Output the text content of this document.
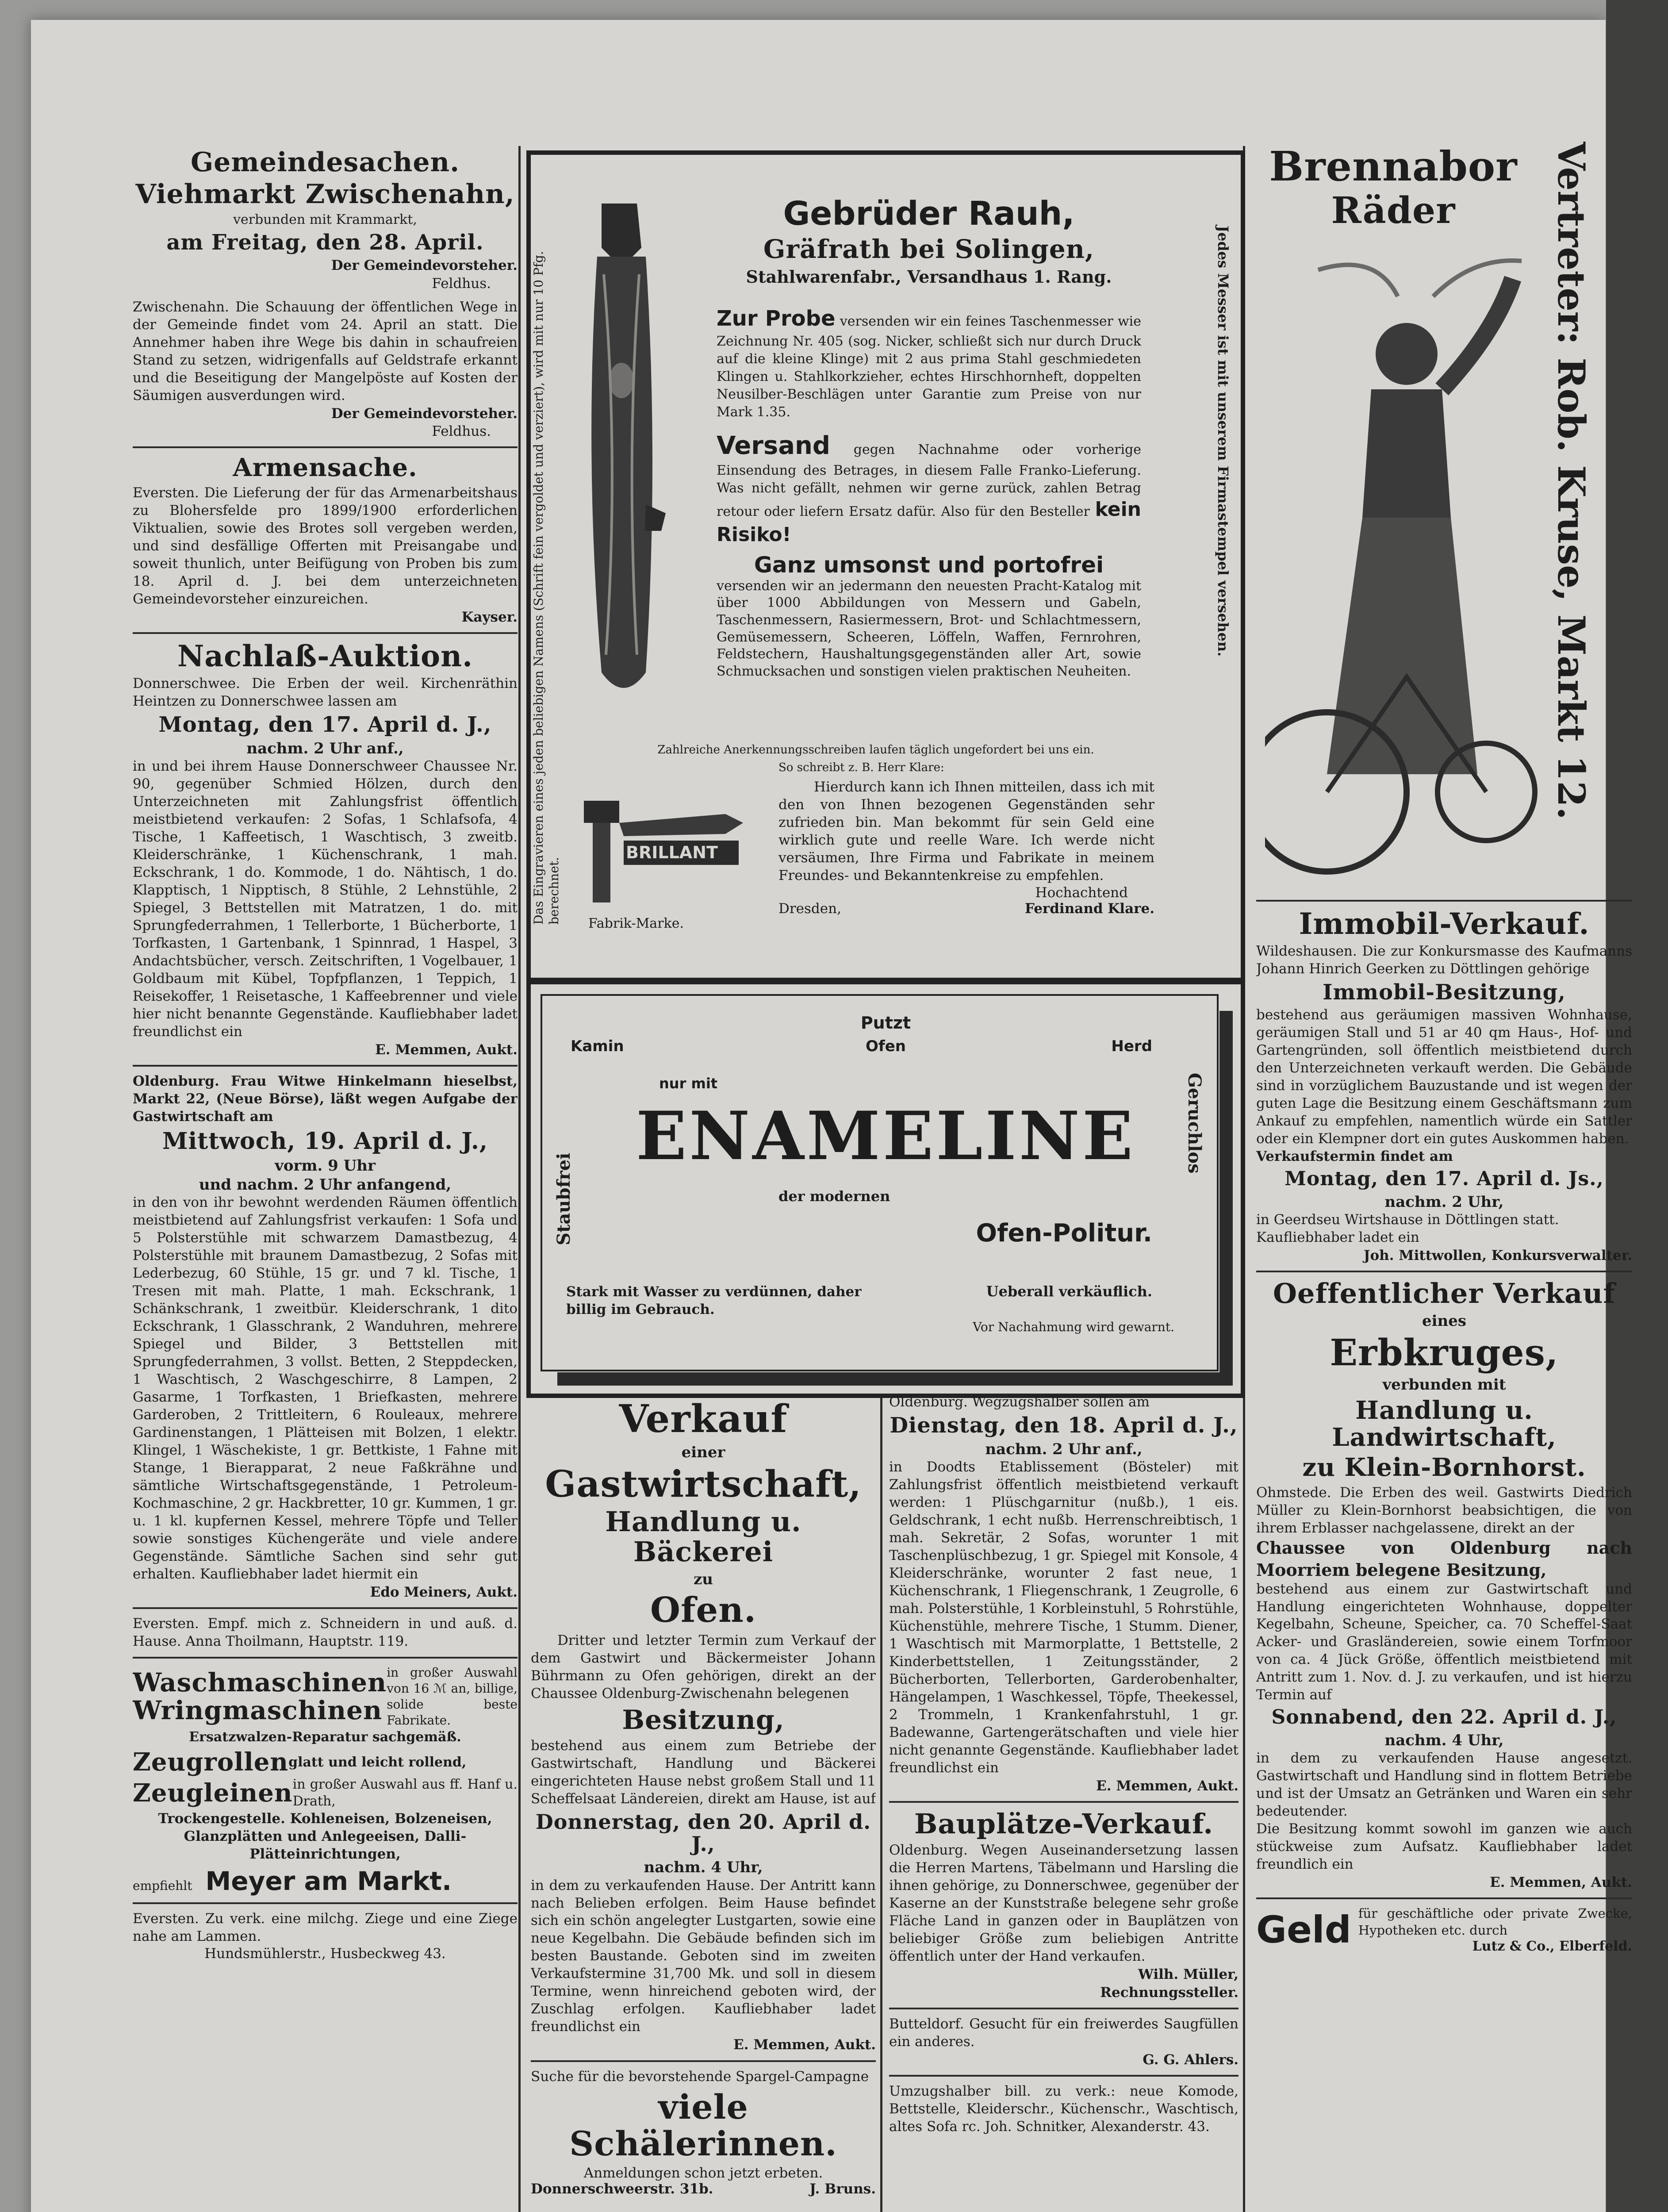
Gemeindesachen.
Viehmarkt Zwischenahn,
verbunden mit Krammarkt,
am Freitag, den 28. April.
Der Gemeindevorsteher.
Feldhus.

Zwischenahn. Die Schauung der öffentlichen Wege in der Gemeinde findet vom 24. April an statt. Die Annehmer haben ihre Wege bis dahin in schaufreien Stand zu setzen, widrigenfalls auf Geldstrafe erkannt und die Beseitigung der Mangelpöste auf Kosten der Säumigen ausverdungen wird.

Der Gemeindevorsteher.
Feldhus.
Armensache.

Eversten. Die Lieferung der für das Armenarbeitshaus zu Blohersfelde pro 1899/1900 erforderlichen Viktualien, sowie des Brotes soll vergeben werden, und sind desfällige Offerten mit Preisangabe und soweit thunlich, unter Beifügung von Proben bis zum 18. April d. J. bei dem unterzeichneten Gemeindevorsteher einzureichen.

Kayser.
Nachlaß-Auktion.

Donnerschwee. Die Erben der weil. Kirchenräthin Heintzen zu Donnerschwee lassen am

Montag, den 17. April d. J.,
nachm. 2 Uhr anf.,

in und bei ihrem Hause Donnerschweer Chaussee Nr. 90, gegenüber Schmied Hölzen, durch den Unterzeichneten mit Zahlungsfrist öffentlich meistbietend verkaufen: 2 Sofas, 1 Schlafsofa, 4 Tische, 1 Kaffeetisch, 1 Waschtisch, 3 zweitb. Kleiderschränke, 1 Küchenschrank, 1 mah. Eckschrank, 1 do. Kommode, 1 do. Nähtisch, 1 do. Klapptisch, 1 Nipptisch, 8 Stühle, 2 Lehnstühle, 2 Spiegel, 3 Bettstellen mit Matratzen, 1 do. mit Sprungfederrahmen, 1 Tellerborte, 1 Bücherborte, 1 Torfkasten, 1 Gartenbank, 1 Spinnrad, 1 Haspel, 3 Andachtsbücher, versch. Zeitschriften, 1 Vogelbauer, 1 Goldbaum mit Kübel, Topfpflanzen, 1 Teppich, 1 Reisekoffer, 1 Reisetasche, 1 Kaffeebrenner und viele hier nicht benannte Gegenstände. Kaufliebhaber ladet freundlichst ein

E. Memmen, Aukt.

Oldenburg. Frau Witwe Hinkelmann hieselbst, Markt 22, (Neue Börse), läßt wegen Aufgabe der Gastwirtschaft am

Mittwoch, 19. April d. J.,
vorm. 9 Uhr
und nachm. 2 Uhr anfangend,

in den von ihr bewohnt werdenden Räumen öffentlich meistbietend auf Zahlungsfrist verkaufen: 1 Sofa und 5 Polsterstühle mit schwarzem Damastbezug, 4 Polsterstühle mit braunem Damastbezug, 2 Sofas mit Lederbezug, 60 Stühle, 15 gr. und 7 kl. Tische, 1 Tresen mit mah. Platte, 1 mah. Eckschrank, 1 Schänkschrank, 1 zweitbür. Kleiderschrank, 1 dito Eckschrank, 1 Glasschrank, 2 Wanduhren, mehrere Spiegel und Bilder, 3 Bettstellen mit Sprungfederrahmen, 3 vollst. Betten, 2 Steppdecken, 1 Waschtisch, 2 Waschgeschirre, 8 Lampen, 2 Gasarme, 1 Torfkasten, 1 Briefkasten, mehrere Garderoben, 2 Trittleitern, 6 Rouleaux, mehrere Gardinenstangen, 1 Plätteisen mit Bolzen, 1 elektr. Klingel, 1 Wäschekiste, 1 gr. Bettkiste, 1 Fahne mit Stange, 1 Bierapparat, 2 neue Faßkrähne und sämtliche Wirtschaftsgegenstände, 1 Petroleum-Kochmaschine, 2 gr. Hackbretter, 10 gr. Kummen, 1 gr. u. 1 kl. kupfernen Kessel, mehrere Töpfe und Teller sowie sonstiges Küchengeräte und viele andere Gegenstände. Sämtliche Sachen sind sehr gut erhalten. Kaufliebhaber ladet hiermit ein

Edo Meiners, Aukt.

Eversten. Empf. mich z. Schneidern in und auß. d. Hause. Anna Thoilmann, Hauptstr. 119.

Waschmaschinen
Wringmaschinen

in großer Auswahl von 16 ℳ an, billige, solide beste Fabrikate.

Ersatzwalzen-Reparatur sachgemäß.
Zeugrollen glatt und leicht rollend,

Zeugleinen in großer Auswahl aus ff. Hanf u. Drath,

Trockengestelle. Kohleneisen, Bolzeneisen, Glanzplätten und Anlegeeisen, Dalli-Plätteinrichtungen,

empfiehlt Meyer am Markt.

Eversten. Zu verk. eine milchg. Ziege und eine Ziege nahe am Lammen.

Hundsmühlerstr., Husbeckweg 43.
Das Eingravieren eines jeden beliebigen Namens (Schrift fein vergoldet und verziert), wird mit nur 10 Pfg. berechnet.
Jedes Messer ist mit unserem Firmastempel versehen.
Gebrüder Rauh,
Gräfrath bei Solingen,
Stahlwarenfabr., Versandhaus 1. Rang.

Zur Probe versenden wir ein feines Taschenmesser wie Zeichnung Nr. 405 (sog. Nicker, schließt sich nur durch Druck auf die kleine Klinge) mit 2 aus prima Stahl geschmiedeten Klingen u. Stahlkorkzieher, echtes Hirschhornheft, doppelten Neusilber-Beschlägen unter Garantie zum Preise von nur Mark 1.35.

Versand gegen Nachnahme oder vorherige Einsendung des Betrages, in diesem Falle Franko-Lieferung. Was nicht gefällt, nehmen wir gerne zurück, zahlen Betrag retour oder liefern Ersatz dafür. Also für den Besteller kein Risiko!

Ganz umsonst und portofrei

versenden wir an jedermann den neuesten Pracht-Katalog mit über 1000 Abbildungen von Messern und Gabeln, Taschenmessern, Rasiermessern, Brot- und Schlachtmessern, Gemüsemessern, Scheeren, Löffeln, Waffen, Fernrohren, Feldstechern, Haushaltungsgegenständen aller Art, sowie Schmucksachen und sonstigen vielen praktischen Neuheiten.

Zahlreiche Anerkennungsschreiben laufen täglich ungefordert bei uns ein.
So schreibt z. B. Herr Klare:
BRILLANT
Fabrik-Marke.

Hierdurch kann ich Ihnen mitteilen, dass ich mit den von Ihnen bezogenen Gegenständen sehr zufrieden bin. Man bekommt für sein Geld eine wirklich gute und reelle Ware. Ich werde nicht versäumen, Ihre Firma und Fabrikate in meinem Freundes- und Bekanntenkreise zu empfehlen.

Hochachtend
Dresden,	Ferdinand Klare.
Putzt
Kamin	Ofen	Herd
nur mit
Staubfrei
Geruchlos
ENAMELINE
der modernen
Ofen-Politur.
Stark mit Wasser zu verdünnen, daher billig im Gebrauch.
Ueberall verkäuflich.
Vor Nachahmung wird gewarnt.
Verkauf
einer
Gastwirtschaft,
Handlung u. Bäckerei
zu
Ofen.

Dritter und letzter Termin zum Verkauf der dem Gastwirt und Bäckermeister Johann Bührmann zu Ofen gehörigen, direkt an der Chaussee Oldenburg-Zwischenahn belegenen

Besitzung,

bestehend aus einem zum Betriebe der Gastwirtschaft, Handlung und Bäckerei eingerichteten Hause nebst großem Stall und 11 Scheffelsaat Ländereien, direkt am Hause, ist auf

Donnerstag, den 20. April d. J.,
nachm. 4 Uhr,

in dem zu verkaufenden Hause. Der Antritt kann nach Belieben erfolgen. Beim Hause befindet sich ein schön angelegter Lustgarten, sowie eine neue Kegelbahn. Die Gebäude befinden sich im besten Baustande. Geboten sind im zweiten Verkaufstermine 31,700 Mk. und soll in diesem Termine, wenn hinreichend geboten wird, der Zuschlag erfolgen. Kaufliebhaber ladet freundlichst ein

E. Memmen, Aukt.

Suche für die bevorstehende Spargel-Campagne

viele Schälerinnen.
Anmeldungen schon jetzt erbeten.
Donnerschweerstr. 31b.	J. Bruns.

Oldenburg. Wegzugshalber sollen am

Dienstag, den 18. April d. J.,
nachm. 2 Uhr anf.,

in Doodts Etablissement (Bösteler) mit Zahlungsfrist öffentlich meistbietend verkauft werden: 1 Plüschgarnitur (nußb.), 1 eis. Geldschrank, 1 echt nußb. Herrenschreibtisch, 1 mah. Sekretär, 2 Sofas, worunter 1 mit Taschenplüschbezug, 1 gr. Spiegel mit Konsole, 4 Kleiderschränke, worunter 2 fast neue, 1 Küchenschrank, 1 Fliegenschrank, 1 Zeugrolle, 6 mah. Polsterstühle, 1 Korbleinstuhl, 5 Rohrstühle, Küchenstühle, mehrere Tische, 1 Stumm. Diener, 1 Waschtisch mit Marmorplatte, 1 Bettstelle, 2 Kinderbettstellen, 1 Zeitungsständer, 2 Bücherborten, Tellerborten, Garderobenhalter, Hängelampen, 1 Waschkessel, Töpfe, Theekessel, 2 Trommeln, 1 Krankenfahrstuhl, 1 gr. Badewanne, Gartengerätschaften und viele hier nicht genannte Gegenstände. Kaufliebhaber ladet freundlichst ein

E. Memmen, Aukt.
Bauplätze-Verkauf.

Oldenburg. Wegen Auseinandersetzung lassen die Herren Martens, Täbelmann und Harsling die ihnen gehörige, zu Donnerschwee, gegenüber der Kaserne an der Kunststraße belegene sehr große Fläche Land in ganzen oder in Bauplätzen von beliebiger Größe zum beliebigen Antritte öffentlich unter der Hand verkaufen.

Wilh. Müller,
Rechnungssteller.

Butteldorf. Gesucht für ein freiwerdes Saugfüllen ein anderes.

G. G. Ahlers.

Umzugshalber bill. zu verk.: neue Komode, Bettstelle, Kleiderschr., Küchenschr., Waschtisch, altes Sofa rc. Joh. Schnitker, Alexanderstr. 43.

Brennabor
Räder	Vertreter: Rob. Kruse, Markt 12.
Immobil-Verkauf.

Wildeshausen. Die zur Konkursmasse des Kaufmanns Johann Hinrich Geerken zu Döttlingen gehörige

Immobil-Besitzung,

bestehend aus geräumigen massiven Wohnhause, geräumigen Stall und 51 ar 40 qm Haus-, Hof- und Gartengründen, soll öffentlich meistbietend durch den Unterzeichneten verkauft werden. Die Gebäude sind in vorzüglichem Bauzustande und ist wegen der guten Lage die Besitzung einem Geschäftsmann zum Ankauf zu empfehlen, namentlich würde ein Sattler oder ein Klempner dort ein gutes Auskommen haben.

Verkaufstermin findet am

Montag, den 17. April d. Js.,
nachm. 2 Uhr,

in Geerdseu Wirtshause in Döttlingen statt.

Kaufliebhaber ladet ein

Joh. Mittwollen, Konkursverwalter.
Oeffentlicher Verkauf
eines
Erbkruges,
verbunden mit
Handlung u. Landwirtschaft,
zu Klein-Bornhorst.

Ohmstede. Die Erben des weil. Gastwirts Diedrich Müller zu Klein-Bornhorst beabsichtigen, die von ihrem Erblasser nachgelassene, direkt an der

Chaussee von Oldenburg nach Moorriem belegene Besitzung,

bestehend aus einem zur Gastwirtschaft und Handlung eingerichteten Wohnhause, doppelter Kegelbahn, Scheune, Speicher, ca. 70 Scheffel-Saat Acker- und Grasländereien, sowie einem Torfmoor von ca. 4 Jück Größe, öffentlich meistbietend mit Antritt zum 1. Nov. d. J. zu verkaufen, und ist hierzu Termin auf

Sonnabend, den 22. April d. J.,
nachm. 4 Uhr,

in dem zu verkaufenden Hause angesetzt. Gastwirtschaft und Handlung sind in flottem Betriebe und ist der Umsatz an Getränken und Waren ein sehr bedeutender.

Die Besitzung kommt sowohl im ganzen wie auch stückweise zum Aufsatz. Kaufliebhaber ladet freundlich ein

E. Memmen, Aukt.
Geld für geschäftliche oder private Zwecke, Hypotheken etc. durch

Lutz & Co., Elberfeld.
